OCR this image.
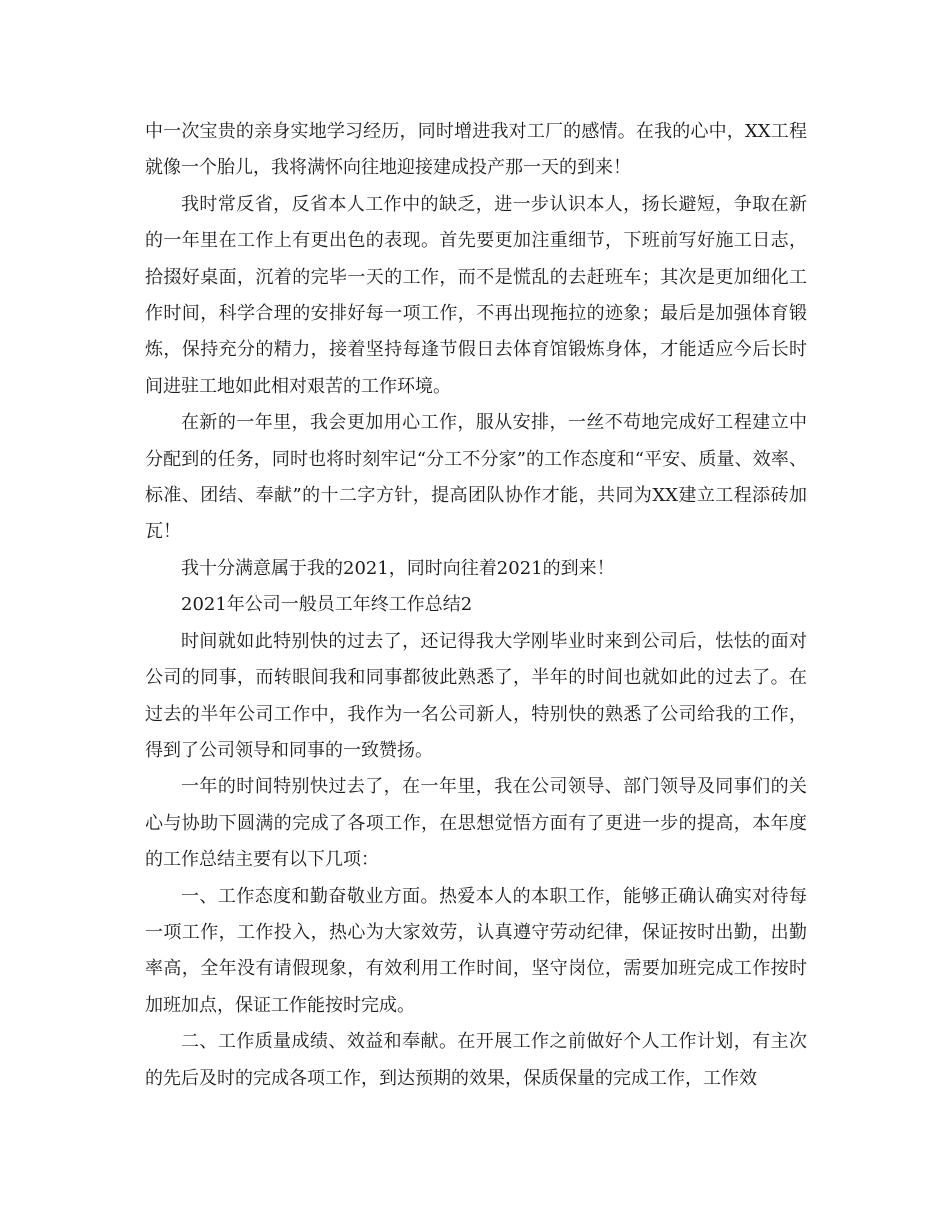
中一次宝贵的亲身实地学习经历，同时增进我对工厂的感情。在我的心中，XX工程就像一个胎儿，我将满怀向往地迎接建成投产那一天的到来！

我时常反省，反省本人工作中的缺乏，进一步认识本人，扬长避短，争取在新的一年里在工作上有更出色的表现。首先要更加注重细节，下班前写好施工日志，拾掇好桌面，沉着的完毕一天的工作，而不是慌乱的去赶班车；其次是更加细化工作时间，科学合理的安排好每一项工作，不再出现拖拉的迹象；最后是加强体育锻炼，保持充分的精力，接着坚持每逢节假日去体育馆锻炼身体，才能适应今后长时间进驻工地如此相对艰苦的工作环境。

在新的一年里，我会更加用心工作，服从安排，一丝不苟地完成好工程建立中分配到的任务，同时也将时刻牢记“分工不分家”的工作态度和“平安、质量、效率、标准、团结、奉献”的十二字方针，提高团队协作才能，共同为XX建立工程添砖加瓦！

我十分满意属于我的2021，同时向往着2021的到来！

2021年公司一般员工年终工作总结2

时间就如此特别快的过去了，还记得我大学刚毕业时来到公司后，怯怯的面对公司的同事，而转眼间我和同事都彼此熟悉了，半年的时间也就如此的过去了。在过去的半年公司工作中，我作为一名公司新人，特别快的熟悉了公司给我的工作，得到了公司领导和同事的一致赞扬。

一年的时间特别快过去了，在一年里，我在公司领导、部门领导及同事们的关心与协助下圆满的完成了各项工作，在思想觉悟方面有了更进一步的提高，本年度的工作总结主要有以下几项：

一、工作态度和勤奋敬业方面。热爱本人的本职工作，能够正确认确实对待每一项工作，工作投入，热心为大家效劳，认真遵守劳动纪律，保证按时出勤，出勤率高，全年没有请假现象，有效利用工作时间，坚守岗位，需要加班完成工作按时加班加点，保证工作能按时完成。

二、工作质量成绩、效益和奉献。在开展工作之前做好个人工作计划，有主次的先后及时的完成各项工作，到达预期的效果，保质保量的完成工作，工作效
